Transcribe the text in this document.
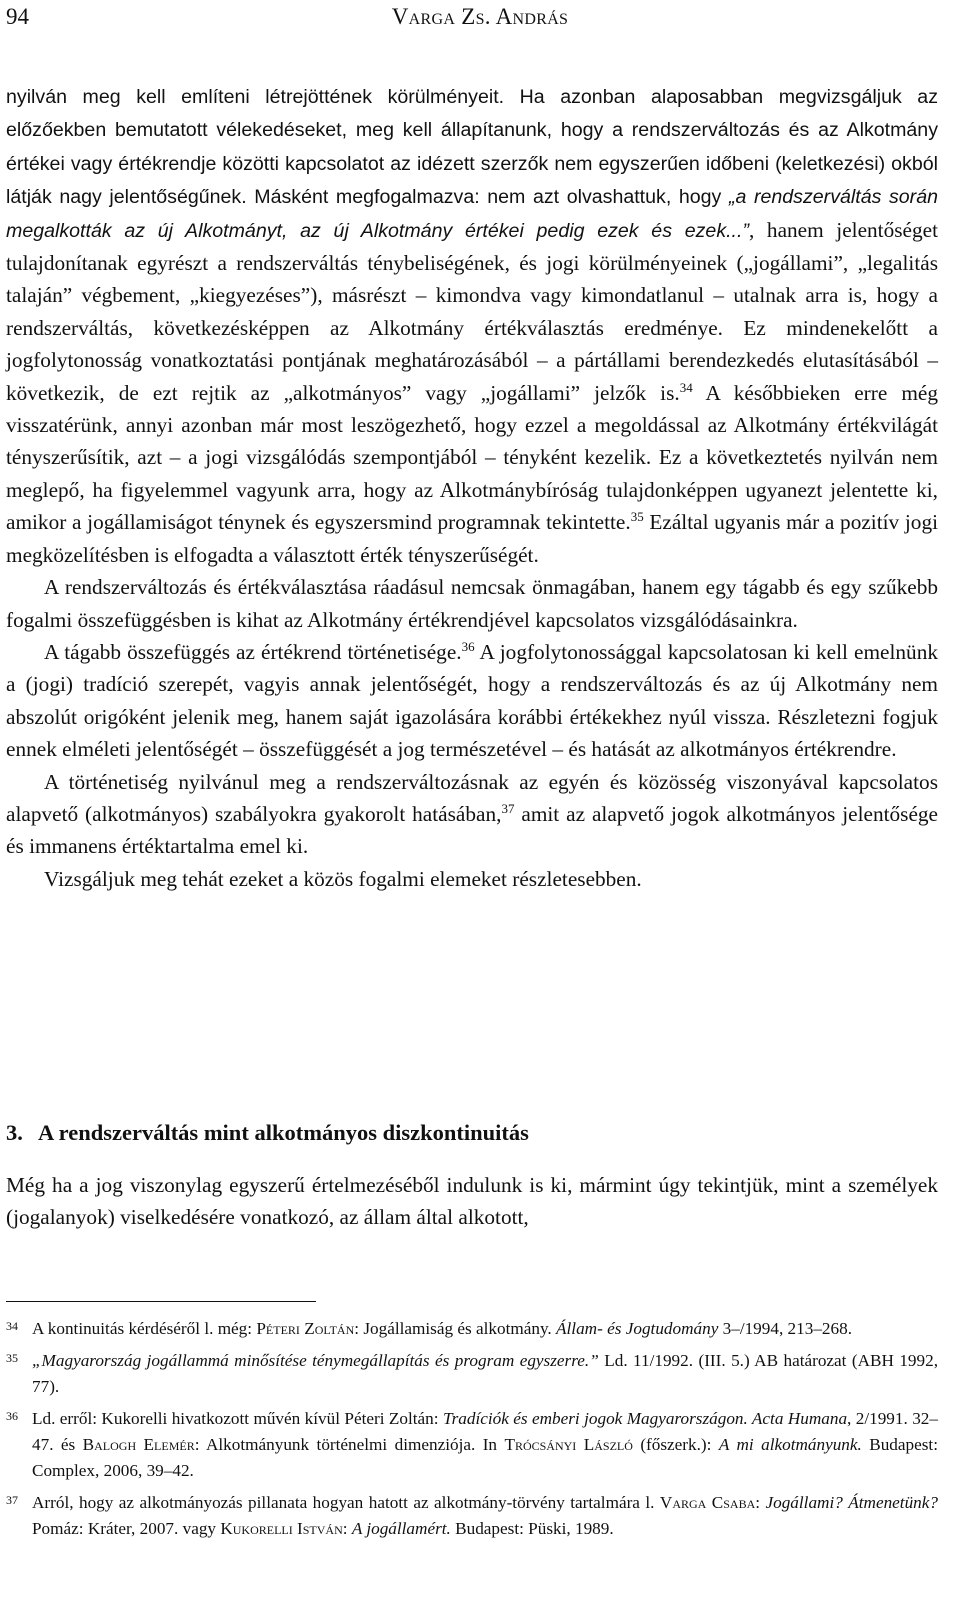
94	Varga Zs. András

nyilván meg kell említeni létrejöttének körülményeit. Ha azonban alaposabban megvizsgáljuk az előzőekben bemutatott vélekedéseket, meg kell állapítanunk, hogy a rendszerváltozás és az Alkotmány értékei vagy értékrendje közötti kapcsolatot az idézett szerzők nem egyszerűen időbeni (keletkezési) okból látják nagy jelentőségűnek. Másként megfogalmazva: nem azt olvashattuk, hogy „a rendszerváltás során megalkották az új Alkotmányt, az új Alkotmány értékei pedig ezek és ezek...”, hanem jelentőséget tulajdonítanak egyrészt a rendszerváltás ténybeliségének, és jogi körülményeinek („jogállami”, „legalitás talaján” végbement, „kiegyezéses”), másrészt – kimondva vagy kimondatlanul – utalnak arra is, hogy a rendszerváltás, következésképpen az Alkotmány értékválasztás eredménye. Ez mindenekelőtt a jogfolytonosság vonatkoztatási pontjának meghatározásából – a pártállami berendezkedés elutasításából – következik, de ezt rejtik az „alkotmányos” vagy „jogállami” jelzők is.$^{34}$ A későbbieken erre még visszatérünk, annyi azonban már most leszögezhető, hogy ezzel a megoldással az Alkotmány értékvilágát tényszerűsítik, azt – a jogi vizsgálódás szempontjából – tényként kezelik. Ez a következtetés nyilván nem meglepő, ha figyelemmel vagyunk arra, hogy az Alkotmánybíróság tulajdonképpen ugyanezt jelentette ki, amikor a jogállamiságot ténynek és egyszersmind programnak tekintette.$^{35}$ Ezáltal ugyanis már a pozitív jogi megközelítésben is elfogadta a választott érték tényszerűségét.

A rendszerváltozás és értékválasztása ráadásul nemcsak önmagában, hanem egy tágabb és egy szűkebb fogalmi összefüggésben is kihat az Alkotmány értékrendjével kapcsolatos vizsgálódásainkra.

A tágabb összefüggés az értékrend történetisége.$^{36}$ A jogfolytonossággal kapcsolatosan ki kell emelnünk a (jogi) tradíció szerepét, vagyis annak jelentőségét, hogy a rendszerváltozás és az új Alkotmány nem abszolút origóként jelenik meg, hanem saját igazolására korábbi értékekhez nyúl vissza. Részletezni fogjuk ennek elméleti jelentőségét – összefüggését a jog természetével – és hatását az alkotmányos értékrendre.

A történetiség nyilvánul meg a rendszerváltozásnak az egyén és közösség viszonyával kapcsolatos alapvető (alkotmányos) szabályokra gyakorolt hatásában,$^{37}$ amit az alapvető jogok alkotmányos jelentősége és immanens értéktartalma emel ki.

Vizsgáljuk meg tehát ezeket a közös fogalmi elemeket részletesebben.

3. A rendszerváltás mint alkotmányos diszkontinuitás

Még ha a jog viszonylag egyszerű értelmezéséből indulunk is ki, mármint úgy tekintjük, mint a személyek (jogalanyok) viselkedésére vonatkozó, az állam által alkotott,

34 A kontinuitás kérdéséről l. még: Péteri Zoltán: Jogállamiság és alkotmány. Állam- és Jogtudomány 3–/1994, 213–268.
35 „Magyarország jogállammá minősítése ténymegállapítás és program egyszerre.” Ld. 11/1992. (III. 5.) AB határozat (ABH 1992, 77).
36 Ld. erről: Kukorelli hivatkozott művén kívül Péteri Zoltán: Tradíciók és emberi jogok Magyarországon. Acta Humana, 2/1991. 32–47. és Balogh Elemér: Alkotmányunk történelmi dimenziója. In Trócsányi László (főszerk.): A mi alkotmányunk. Budapest: Complex, 2006, 39–42.
37 Arról, hogy az alkotmányozás pillanata hogyan hatott az alkotmány-törvény tartalmára l. Varga Csaba: Jogállami? Átmenetünk? Pomáz: Kráter, 2007. vagy Kukorelli István: A jogállamért. Budapest: Püski, 1989.
